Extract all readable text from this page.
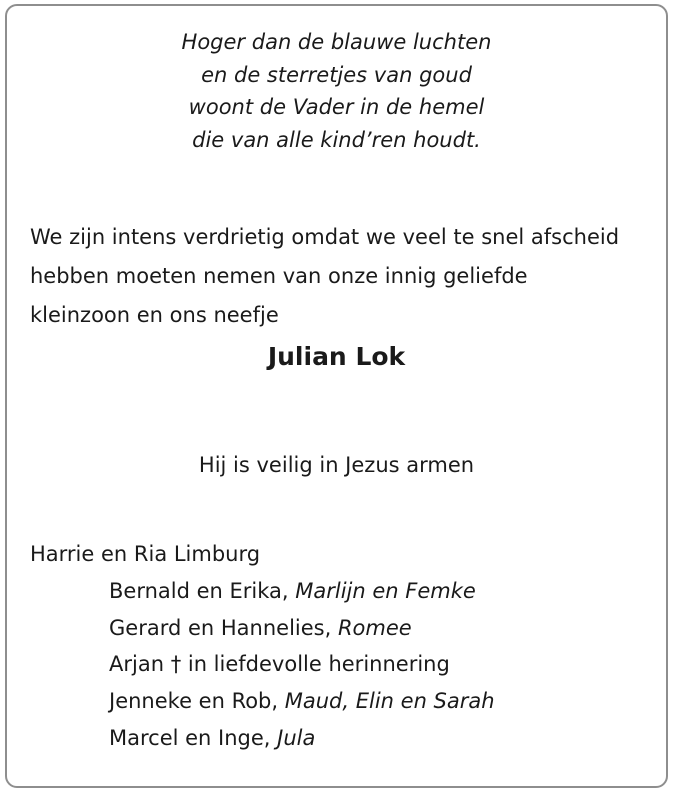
Hoger dan de blauwe luchten
en de sterretjes van goud
woont de Vader in de hemel
die van alle kind’ren houdt.
We zijn intens verdrietig omdat we veel te snel afscheid
hebben moeten nemen van onze innig geliefde
kleinzoon en ons neefje
Julian Lok
Hij is veilig in Jezus armen
Harrie en Ria Limburg
Bernald en Erika, Marlijn en Femke
Gerard en Hannelies, Romee
Arjan † in liefdevolle herinnering
Jenneke en Rob, Maud, Elin en Sarah
Marcel en Inge, Jula
